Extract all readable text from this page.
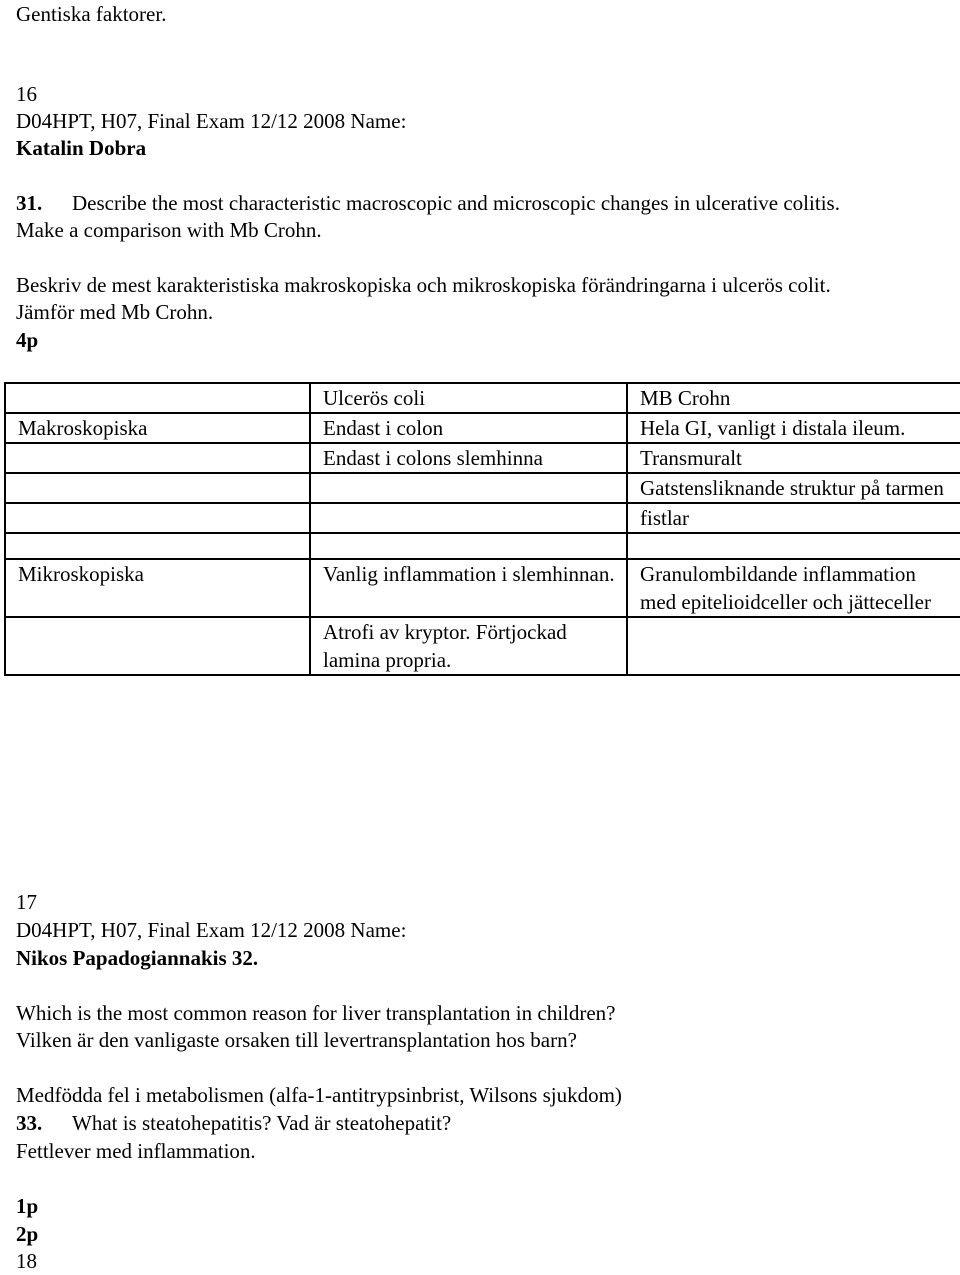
Gentiska faktorer.
16
D04HPT, H07, Final Exam 12/12 2008 Name:
Katalin Dobra
31. Describe the most characteristic macroscopic and microscopic changes in ulcerative colitis.
Make a comparison with Mb Crohn.
Beskriv de mest karakteristiska makroskopiska och mikroskopiska förändringarna i ulcerös colit.
Jämför med Mb Crohn.
4p
	Ulcerös coli	MB Crohn
Makroskopiska	Endast i colon	Hela GI, vanligt i distala ileum.
	Endast i colons slemhinna	Transmuralt
		Gatstensliknande struktur på tarmen
		fistlar

Mikroskopiska	Vanlig inflammation i slemhinnan.	Granulombildande inflammation med epitelioidceller och jätteceller
	Atrofi av kryptor. Förtjockad lamina propria.	
17
D04HPT, H07, Final Exam 12/12 2008 Name:
Nikos Papadogiannakis 32.
Which is the most common reason for liver transplantation in children?
Vilken är den vanligaste orsaken till levertransplantation hos barn?
Medfödda fel i metabolismen (alfa-1-antitrypsinbrist, Wilsons sjukdom)
33. What is steatohepatitis? Vad är steatohepatit?
Fettlever med inflammation.
1p
2p
18
